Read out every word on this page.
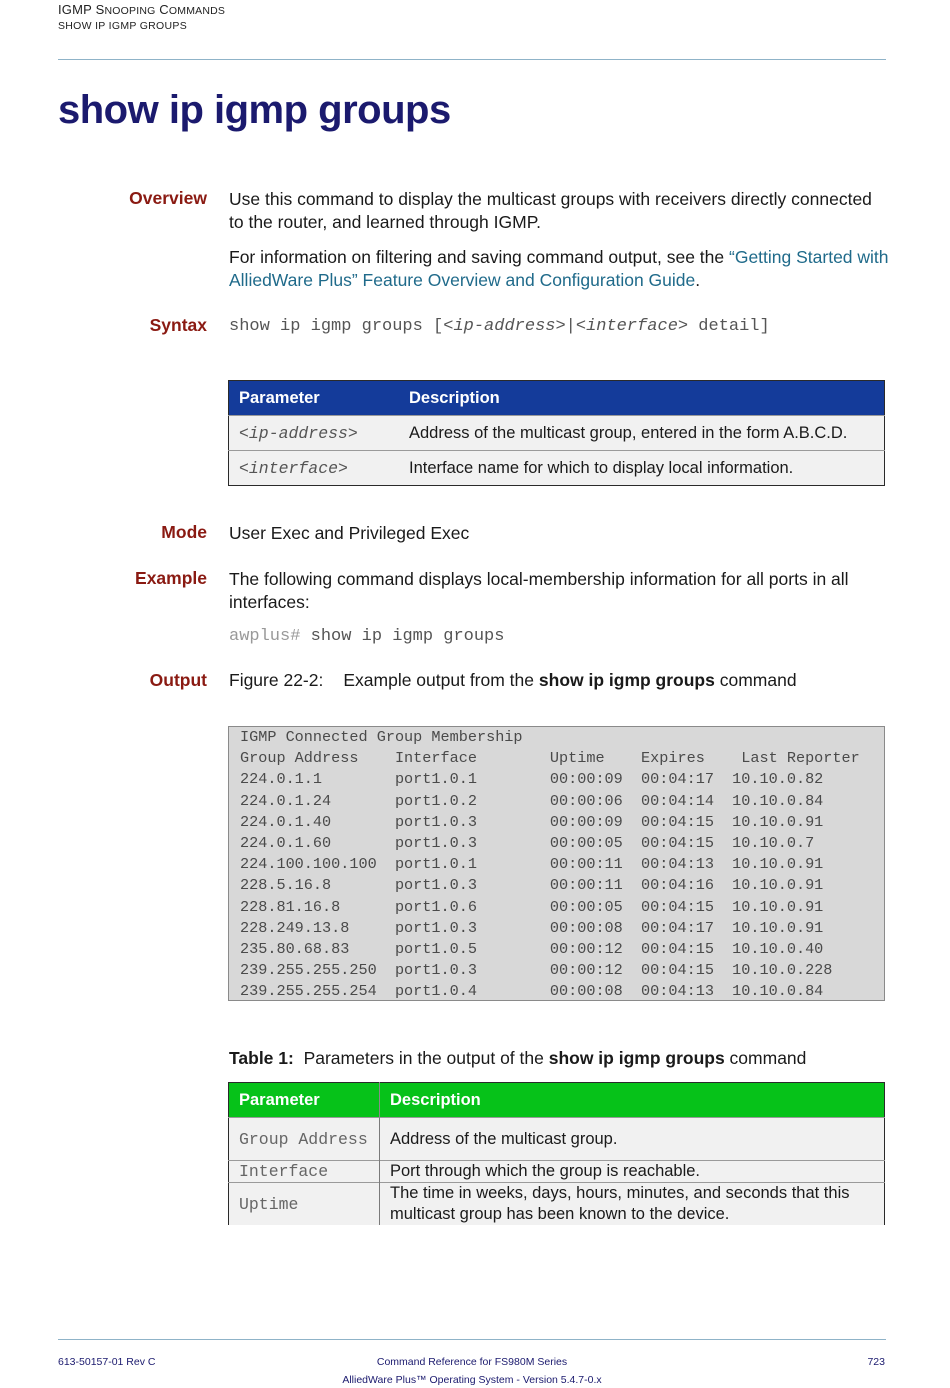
IGMP SNOOPING COMMANDS
SHOW IP IGMP GROUPS
show ip igmp groups
Overview Use this command to display the multicast groups with receivers directly connected to the router, and learned through IGMP.
For information on filtering and saving command output, see the “Getting Started with AlliedWare Plus” Feature Overview and Configuration Guide.
Syntax show ip igmp groups [<ip-address>|<interface> detail]
Parameter	Description
<ip-address>	Address of the multicast group, entered in the form A.B.C.D.
<interface>	Interface name for which to display local information.
Mode User Exec and Privileged Exec
Example The following command displays local-membership information for all ports in all interfaces:
awplus# show ip igmp groups
Output Figure 22-2: Example output from the show ip igmp groups command
IGMP Connected Group Membership
Group Address    Interface        Uptime    Expires    Last Reporter
224.0.1.1        port1.0.1        00:00:09  00:04:17  10.10.0.82
224.0.1.24       port1.0.2        00:00:06  00:04:14  10.10.0.84
224.0.1.40       port1.0.3        00:00:09  00:04:15  10.10.0.91
224.0.1.60       port1.0.3        00:00:05  00:04:15  10.10.0.7
224.100.100.100  port1.0.1        00:00:11  00:04:13  10.10.0.91
228.5.16.8       port1.0.3        00:00:11  00:04:16  10.10.0.91
228.81.16.8      port1.0.6        00:00:05  00:04:15  10.10.0.91
228.249.13.8     port1.0.3        00:00:08  00:04:17  10.10.0.91
235.80.68.83     port1.0.5        00:00:12  00:04:15  10.10.0.40
239.255.255.250  port1.0.3        00:00:12  00:04:15  10.10.0.228
239.255.255.254  port1.0.4        00:00:08  00:04:13  10.10.0.84
Table 1:  Parameters in the output of the show ip igmp groups command
Parameter	Description
Group Address	Address of the multicast group.
Interface	Port through which the group is reachable.
Uptime	The time in weeks, days, hours, minutes, and seconds that this multicast group has been known to the device.
613-50157-01 Rev C	Command Reference for FS980M Series
AlliedWare Plus™ Operating System - Version 5.4.7-0.x
723
